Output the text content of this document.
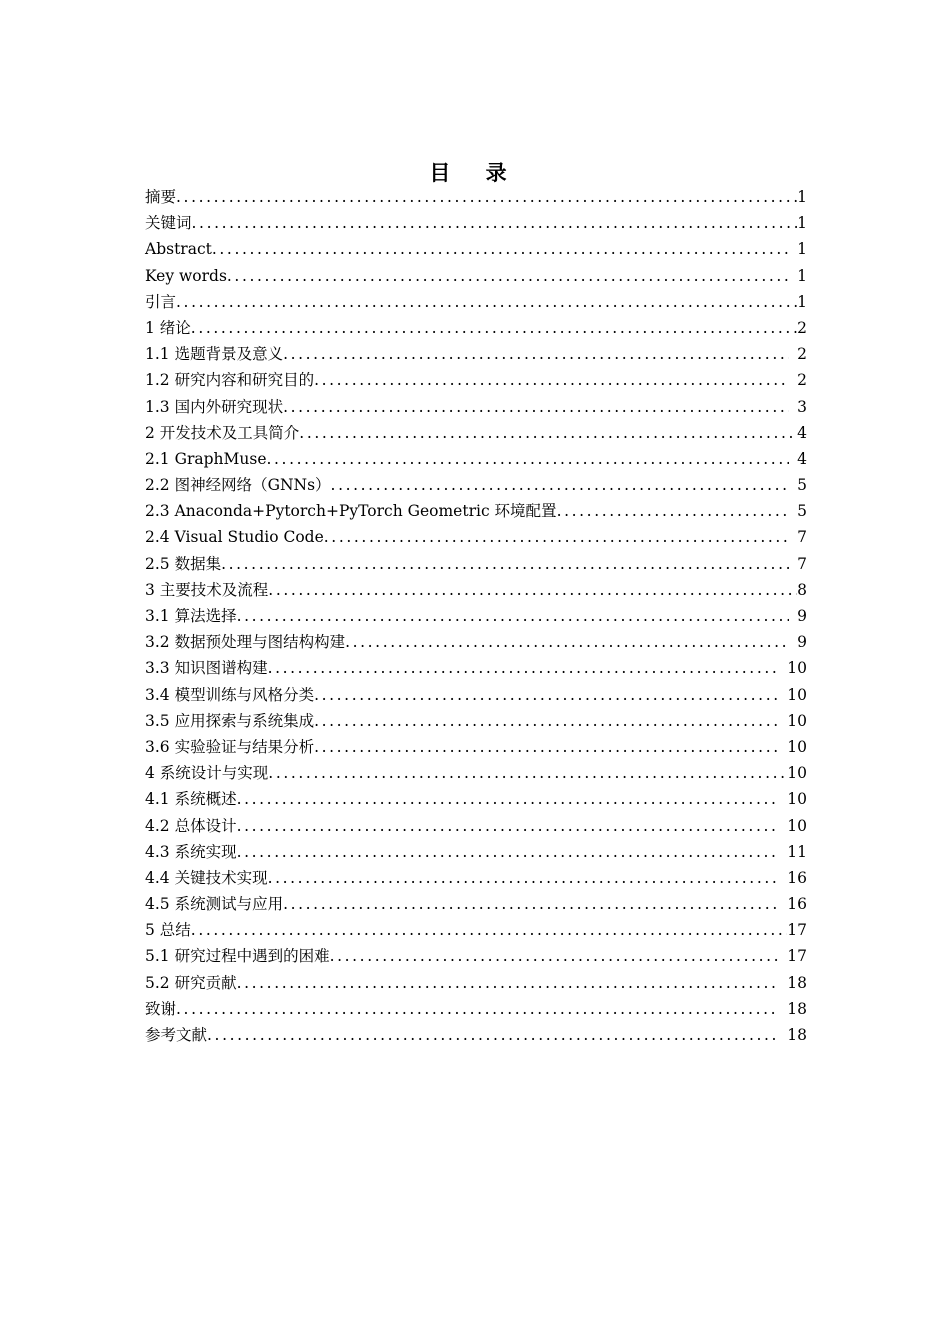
目 录
摘要 .....	1
关键词 .....	1
Abstract .....	1
Key words .....	1
引言 .....	1
1 绪论 .....	2
1.1 选题背景及意义 .....	2
1.2 研究内容和研究目的 .....	2
1.3 国内外研究现状 .....	3
2 开发技术及工具简介 .....	4
2.1 GraphMuse .....	4
2.2 图神经网络（GNNs） .....	5
2.3 Anaconda+Pytorch+PyTorch Geometric 环境配置 .....	5
2.4 Visual Studio Code .....	7
2.5 数据集 .....	7
3 主要技术及流程 .....	8
3.1 算法选择 .....	9
3.2 数据预处理与图结构构建 .....	9
3.3 知识图谱构建 .....	10
3.4 模型训练与风格分类 .....	10
3.5 应用探索与系统集成 .....	10
3.6 实验验证与结果分析 .....	10
4 系统设计与实现 .....	10
4.1 系统概述 .....	10
4.2 总体设计 .....	10
4.3 系统实现 .....	11
4.4 关键技术实现 .....	16
4.5 系统测试与应用 .....	16
5 总结 .....	17
5.1 研究过程中遇到的困难 .....	17
5.2 研究贡献 .....	18
致谢 .....	18
参考文献 .....	18
